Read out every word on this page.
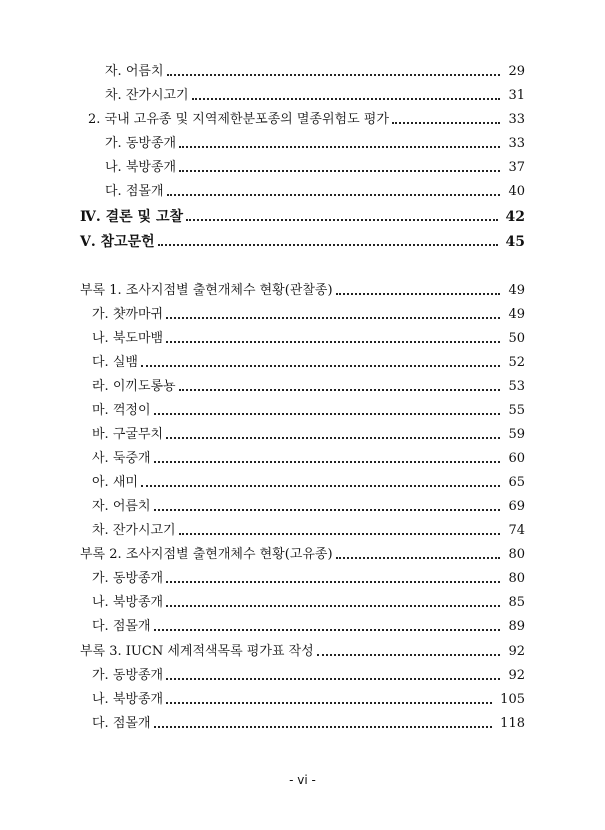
자. 어름치	29
차. 잔가시고기	31
2. 국내 고유종 및 지역제한분포종의 멸종위험도 평가	33
가. 동방종개	33
나. 북방종개	37
다. 점몰개	40
Ⅳ. 결론 및 고찰	42
Ⅴ. 참고문헌	45
부록 1. 조사지점별 출현개체수 현황(관찰종)	49
가. 챳까마귀	49
나. 북도마뱀	50
다. 실뱀	52
라. 이끼도롱뇽	53
마. 꺽정이	55
바. 구굴무치	59
사. 둑중개	60
아. 새미	65
자. 어름치	69
차. 잔가시고기	74
부록 2. 조사지점별 출현개체수 현황(고유종)	80
가. 동방종개	80
나. 북방종개	85
다. 점몰개	89
부록 3. IUCN 세계적색목록 평가표 작성	92
가. 동방종개	92
나. 북방종개	105
다. 점몰개	118
- vi -
